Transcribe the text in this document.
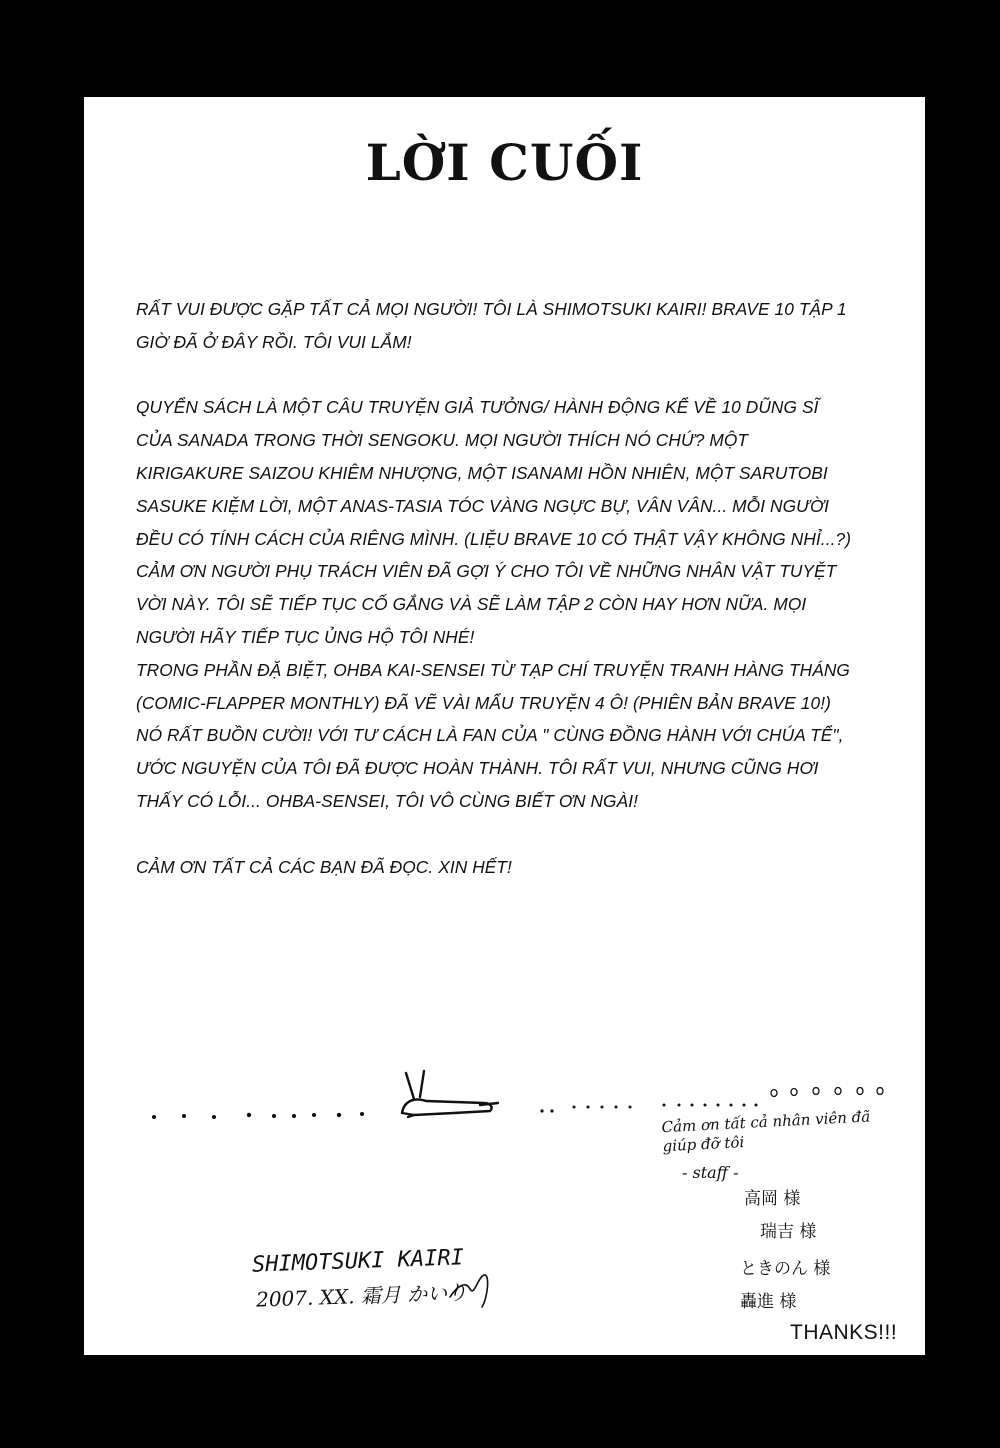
LỜI CUỐI

RẤT VUI ĐƯỢC GẶP TẤT CẢ MỌI NGƯỜI! TÔI LÀ SHIMOTSUKI KAIRI! BRAVE 10 TẬP 1 GIỜ ĐÃ Ở ĐÂY RỒI. TÔI VUI LẮM!

QUYỂN SÁCH LÀ MỘT CÂU TRUYỆN GIẢ TƯỞNG/ HÀNH ĐỘNG KỂ VỀ 10 DŨNG SĨ CỦA SANADA TRONG THỜI SENGOKU. MỌI NGƯỜI THÍCH NÓ CHỨ? MỘT KIRIGAKURE SAIZOU KHIÊM NHƯỢNG, MỘT ISANAMI HỒN NHIÊN, MỘT SARUTOBI SASUKE KIỆM LỜI, MỘT ANAS-TASIA TÓC VÀNG NGỰC BỰ, VÂN VÂN... MỖI NGƯỜI ĐỀU CÓ TÍNH CÁCH CỦA RIÊNG MÌNH. (LIỆU BRAVE 10 CÓ THẬT VẬY KHÔNG NHỈ...?) CẢM ƠN NGƯỜI PHỤ TRÁCH VIÊN ĐÃ GỢI Ý CHO TÔI VỀ NHỮNG NHÂN VẬT TUYỆT VỜI NÀY. TÔI SẼ TIẾP TỤC CỐ GẮNG VÀ SẼ LÀM TẬP 2 CÒN HAY HƠN NỮA. MỌI NGƯỜI HÃY TIẾP TỤC ỦNG HỘ TÔI NHÉ!

TRONG PHẦN ĐẶ BIỆT, OHBA KAI-SENSEI TỪ TẠP CHÍ TRUYỆN TRANH HÀNG THÁNG (COMIC-FLAPPER MONTHLY) ĐÃ VẼ VÀI MẨU TRUYỆN 4 Ô! (PHIÊN BẢN BRAVE 10!) NÓ RẤT BUỒN CƯỜI! VỚI TƯ CÁCH LÀ FAN CỦA " CÙNG ĐỒNG HÀNH VỚI CHÚA TỂ", ƯỚC NGUYỆN CỦA TÔI ĐÃ ĐƯỢC HOÀN THÀNH. TÔI RẤT VUI, NHƯNG CŨNG HƠI THẤY CÓ LỖI... OHBA-SENSEI, TÔI VÔ CÙNG BIẾT ƠN NGÀI!

CẢM ƠN TẤT CẢ CÁC BẠN ĐÃ ĐỌC. XIN HẾT!

Cảm ơn tất cả nhân viên đã giúp đỡ tôi
- staff -
高岡 様
瑞吉 様
ときのん 様
轟進 様
SHIMOTSUKI KAIRI
2007. XX. 霜月 かいり
THANKS!!!
